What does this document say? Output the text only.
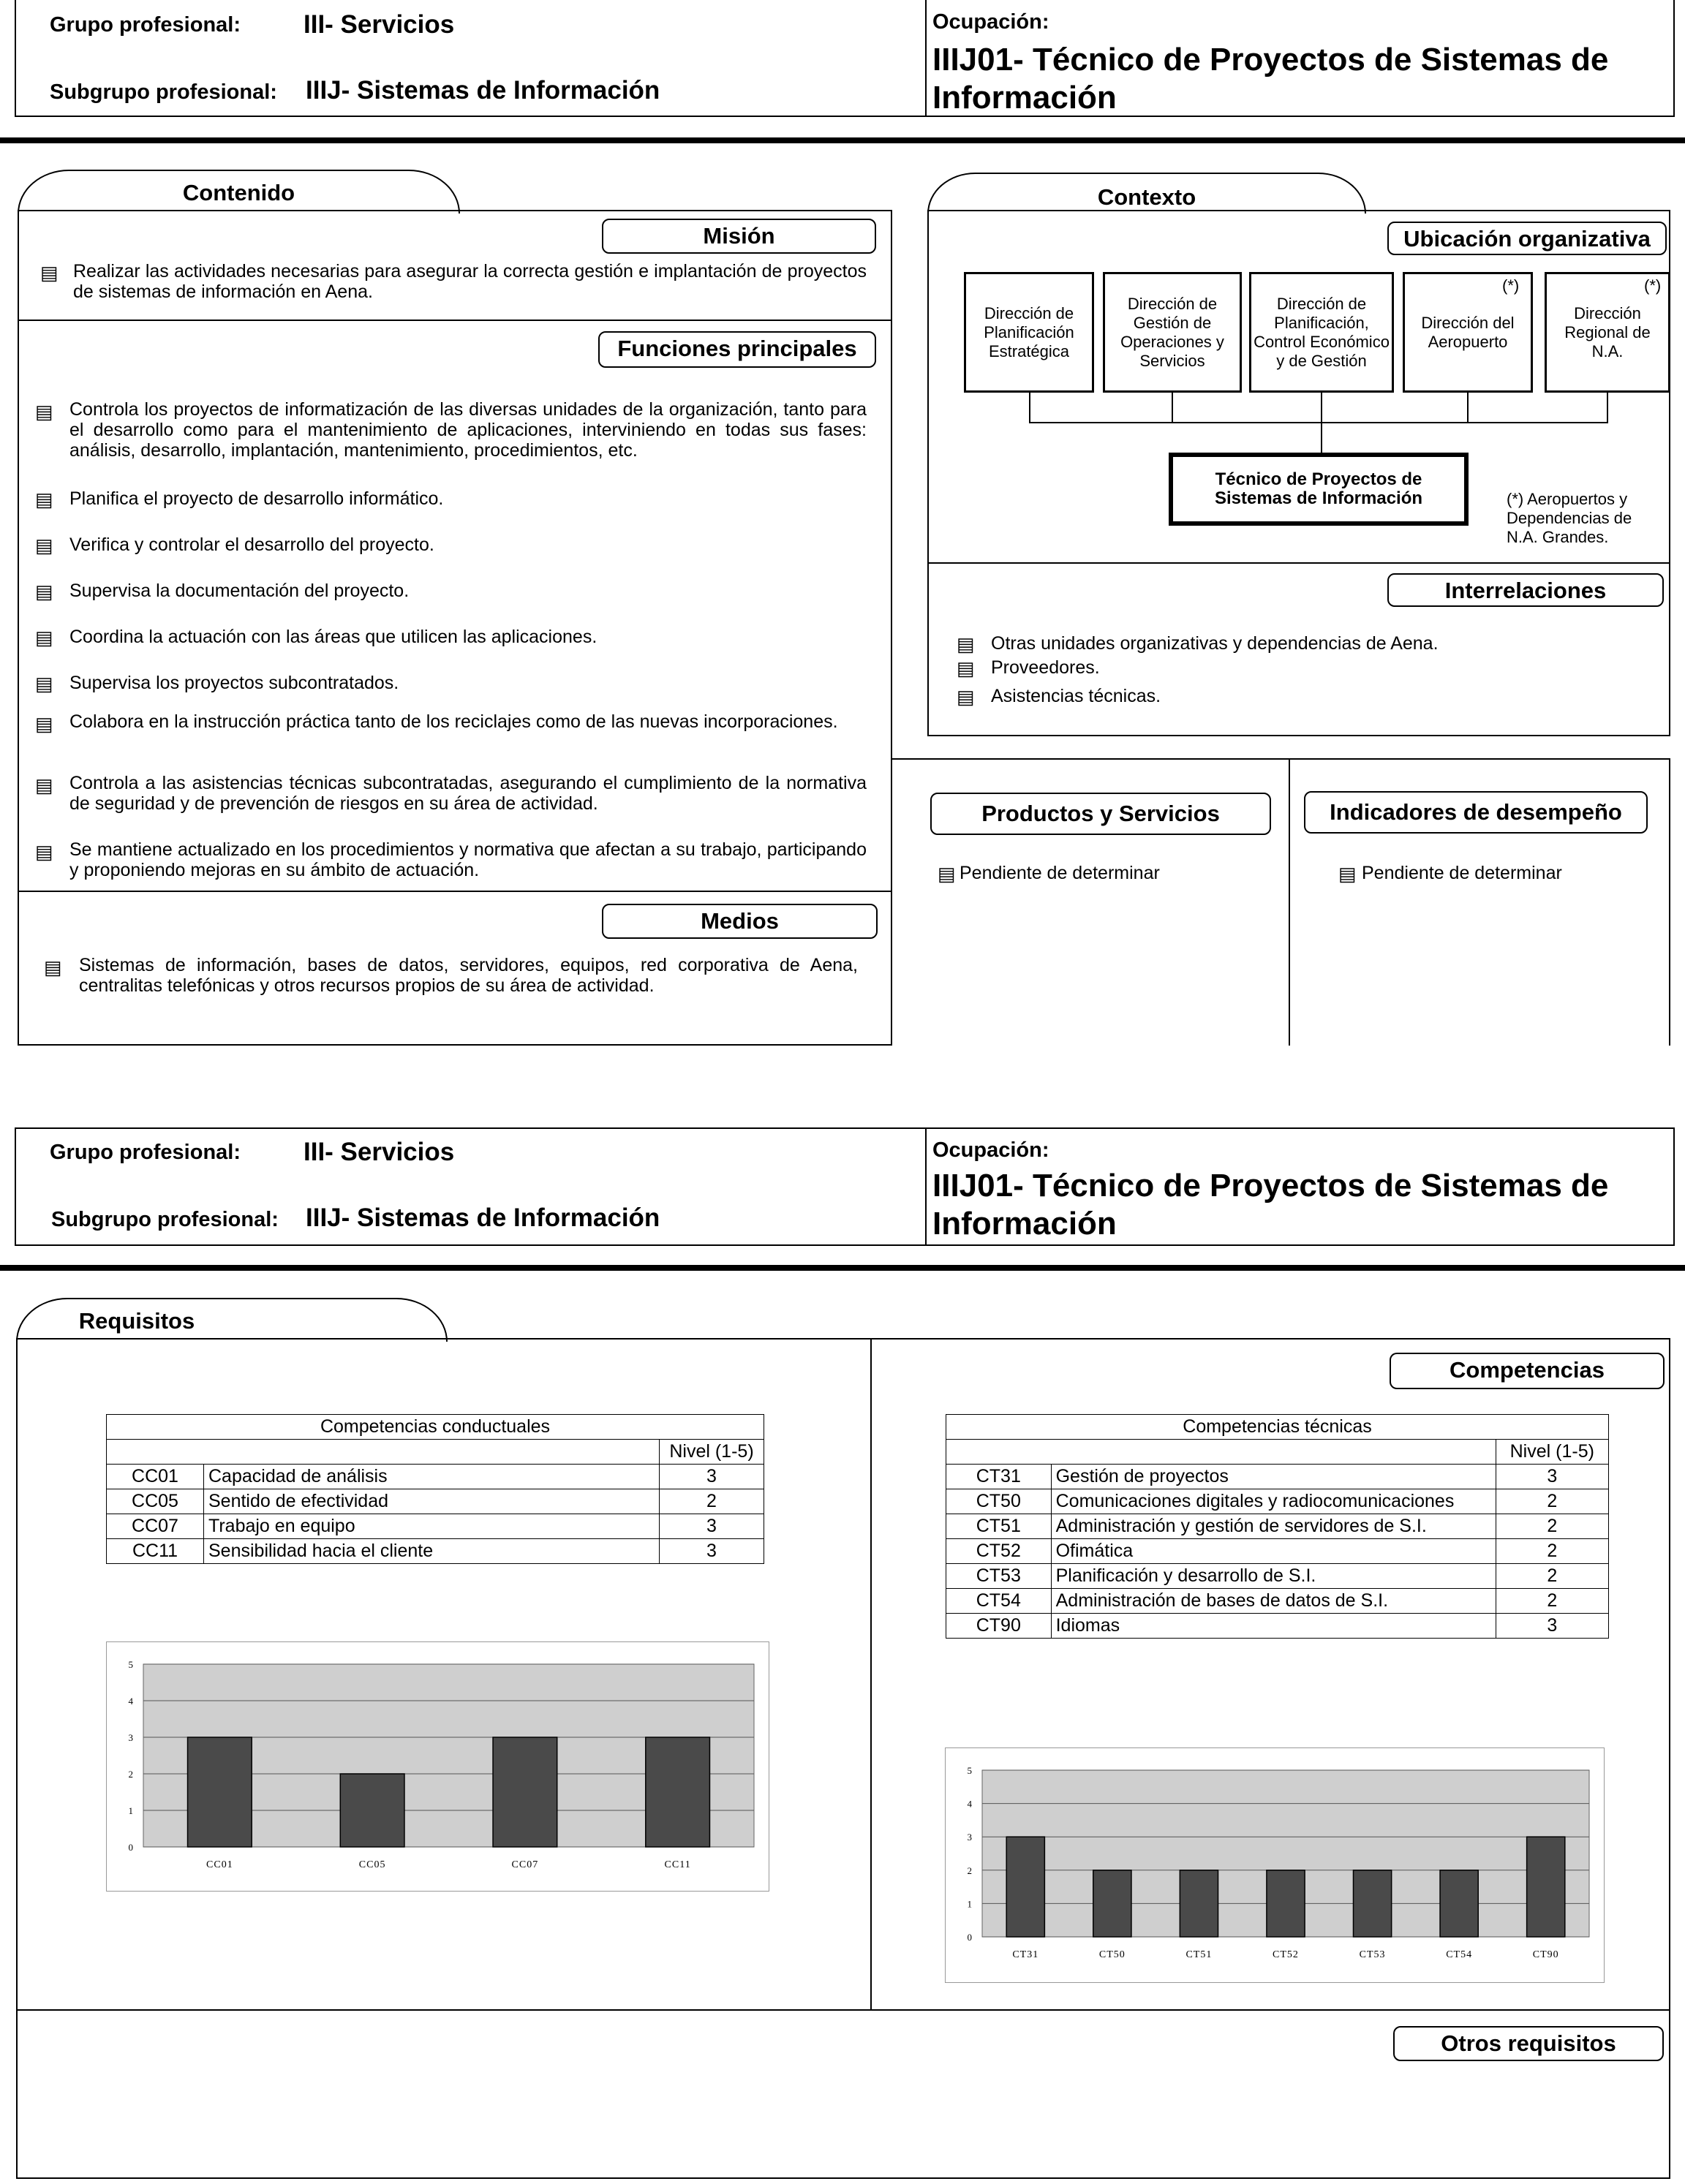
Grupo profesional: III- Servicios
Subgrupo profesional: IIIJ- Sistemas de Información
Ocupación:
IIIJ01- Técnico de Proyectos de Sistemas de Información
Contenido
Misión
▤ Realizar las actividades necesarias para asegurar la correcta gestión e implantación de proyectos de sistemas de información en Aena.
Funciones principales
▤ Controla los proyectos de informatización de las diversas unidades de la organización, tanto para el desarrollo como para el mantenimiento de aplicaciones, interviniendo en todas sus fases: análisis, desarrollo, implantación, mantenimiento, procedimientos, etc.
▤ Planifica el proyecto de desarrollo informático.
▤ Verifica y controlar el desarrollo del proyecto.
▤ Supervisa la documentación del proyecto.
▤ Coordina la actuación con las áreas que utilicen las aplicaciones.
▤ Supervisa los proyectos subcontratados.
▤ Colabora en la instrucción práctica tanto de los reciclajes como de las nuevas incorporaciones.
▤ Controla a las asistencias técnicas subcontratadas, asegurando el cumplimiento de la normativa de seguridad y de prevención de riesgos en su área de actividad.
▤ Se mantiene actualizado en los procedimientos y normativa que afectan a su trabajo, participando y proponiendo mejoras en su ámbito de actuación.
Medios
▤ Sistemas de información, bases de datos, servidores, equipos, red corporativa de Aena, centralitas telefónicas y otros recursos propios de su área de actividad.
Contexto
Ubicación organizativa
Dirección de Planificación Estratégica
Dirección de Gestión de Operaciones y Servicios
Dirección de Planificación, Control Económico y de Gestión
Dirección del Aeropuerto
Dirección Regional de N.A.
(*)	(*)
Técnico de Proyectos de Sistemas de Información	(*) Aeropuertos y Dependencias de N.A. Grandes.
Interrelaciones
▤ Otras unidades organizativas y dependencias de Aena.
▤ Proveedores.
▤ Asistencias técnicas.
Productos y Servicios	Indicadores de desempeño
▤ Pendiente de determinar	▤ Pendiente de determinar
Grupo profesional: III- Servicios
Subgrupo profesional: IIIJ- Sistemas de Información
Ocupación:
IIIJ01- Técnico de Proyectos de Sistemas de Información
Requisitos
Competencias
Otros requisitos
Competencias conductuales		
		Nivel (1-5)
CC01	Capacidad de análisis	3
CC05	Sentido de efectividad	2
CC07	Trabajo en equipo	3
CC11	Sensibilidad hacia el cliente	3
Competencias técnicas		
		Nivel (1-5)
CT31	Gestión de proyectos	3
CT50	Comunicaciones digitales y radiocomunicaciones	2
CT51	Administración y gestión de servidores de S.I.	2
CT52	Ofimática	2
CT53	Planificación y desarrollo de S.I.	2
CT54	Administración de bases de datos de S.I.	2
CT90	Idiomas	3
0
1
2
3
4
5
CC01	CC05	CC07	CC11
0
1
2
3
4
5
CT31	CT50	CT51	CT52	CT53	CT54	CT90
